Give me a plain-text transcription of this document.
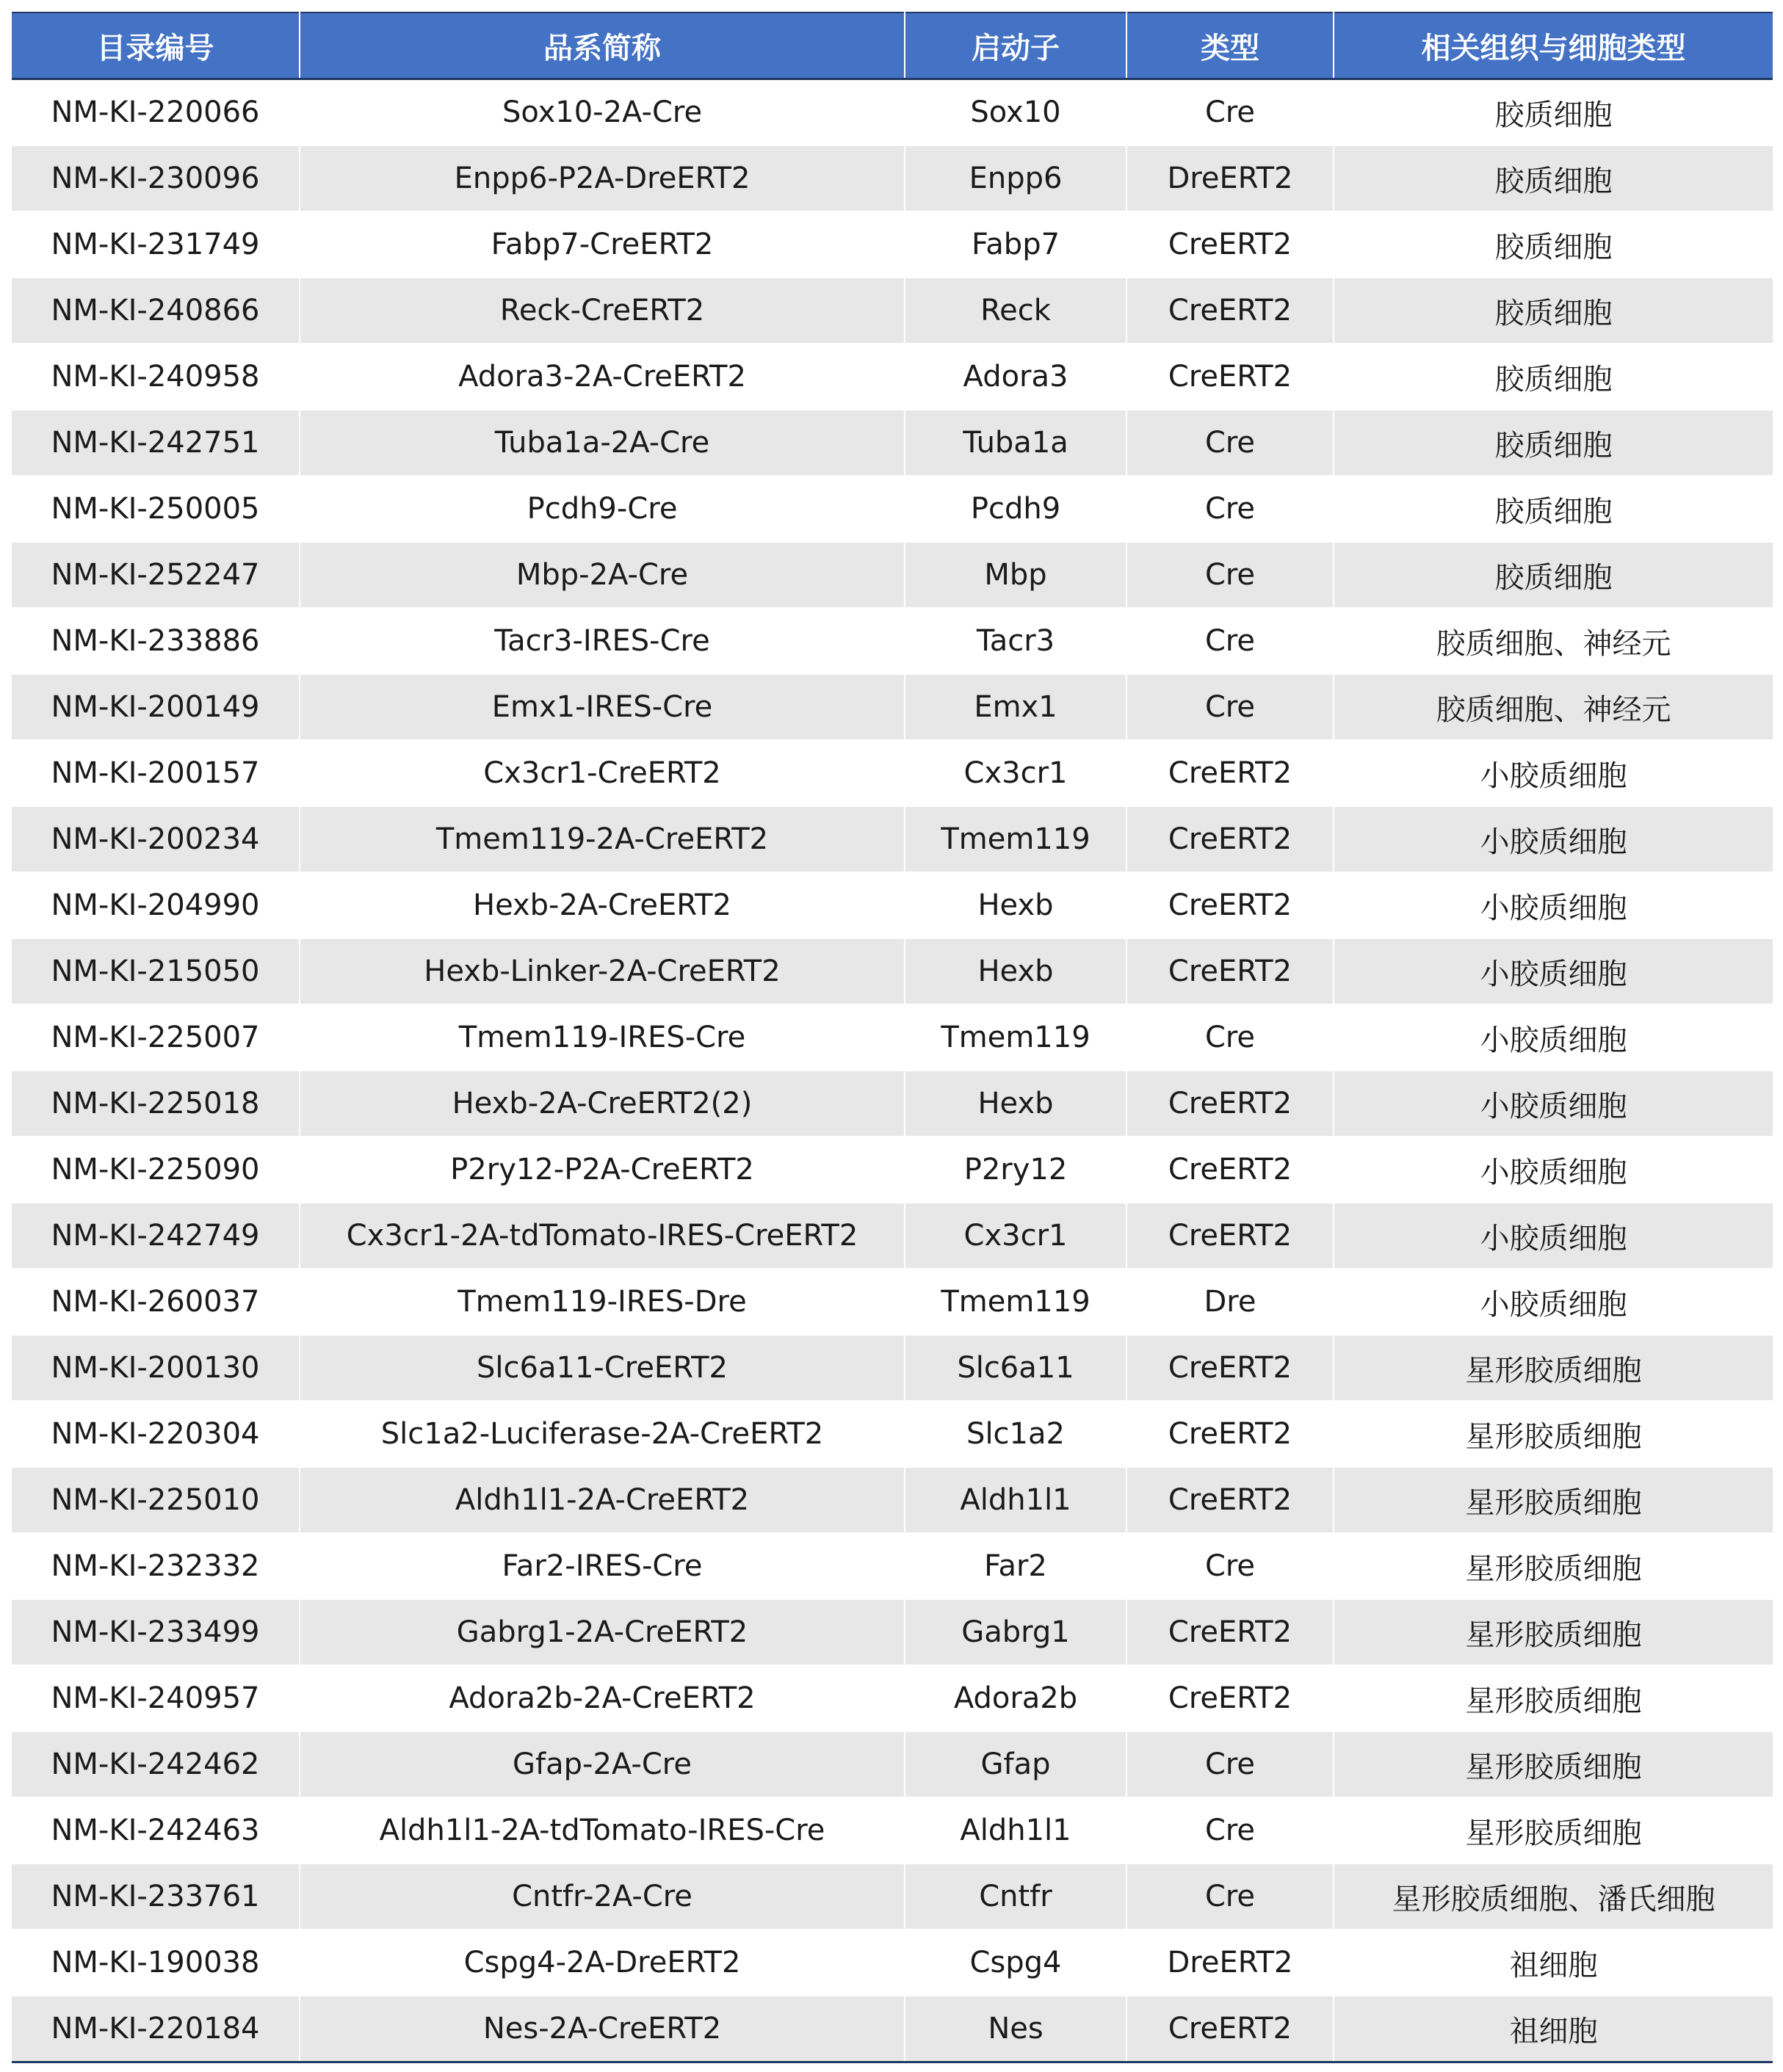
目录编号	品系简称	启动子	类型	相关组织与细胞类型
NM-KI-220066	Sox10-2A-Cre	Sox10	Cre	胶质细胞
NM-KI-230096	Enpp6-P2A-DreERT2	Enpp6	DreERT2	胶质细胞
NM-KI-231749	Fabp7-CreERT2	Fabp7	CreERT2	胶质细胞
NM-KI-240866	Reck-CreERT2	Reck	CreERT2	胶质细胞
NM-KI-240958	Adora3-2A-CreERT2	Adora3	CreERT2	胶质细胞
NM-KI-242751	Tuba1a-2A-Cre	Tuba1a	Cre	胶质细胞
NM-KI-250005	Pcdh9-Cre	Pcdh9	Cre	胶质细胞
NM-KI-252247	Mbp-2A-Cre	Mbp	Cre	胶质细胞
NM-KI-233886	Tacr3-IRES-Cre	Tacr3	Cre	胶质细胞、神经元
NM-KI-200149	Emx1-IRES-Cre	Emx1	Cre	胶质细胞、神经元
NM-KI-200157	Cx3cr1-CreERT2	Cx3cr1	CreERT2	小胶质细胞
NM-KI-200234	Tmem119-2A-CreERT2	Tmem119	CreERT2	小胶质细胞
NM-KI-204990	Hexb-2A-CreERT2	Hexb	CreERT2	小胶质细胞
NM-KI-215050	Hexb-Linker-2A-CreERT2	Hexb	CreERT2	小胶质细胞
NM-KI-225007	Tmem119-IRES-Cre	Tmem119	Cre	小胶质细胞
NM-KI-225018	Hexb-2A-CreERT2(2)	Hexb	CreERT2	小胶质细胞
NM-KI-225090	P2ry12-P2A-CreERT2	P2ry12	CreERT2	小胶质细胞
NM-KI-242749	Cx3cr1-2A-tdTomato-IRES-CreERT2	Cx3cr1	CreERT2	小胶质细胞
NM-KI-260037	Tmem119-IRES-Dre	Tmem119	Dre	小胶质细胞
NM-KI-200130	Slc6a11-CreERT2	Slc6a11	CreERT2	星形胶质细胞
NM-KI-220304	Slc1a2-Luciferase-2A-CreERT2	Slc1a2	CreERT2	星形胶质细胞
NM-KI-225010	Aldh1l1-2A-CreERT2	Aldh1l1	CreERT2	星形胶质细胞
NM-KI-232332	Far2-IRES-Cre	Far2	Cre	星形胶质细胞
NM-KI-233499	Gabrg1-2A-CreERT2	Gabrg1	CreERT2	星形胶质细胞
NM-KI-240957	Adora2b-2A-CreERT2	Adora2b	CreERT2	星形胶质细胞
NM-KI-242462	Gfap-2A-Cre	Gfap	Cre	星形胶质细胞
NM-KI-242463	Aldh1l1-2A-tdTomato-IRES-Cre	Aldh1l1	Cre	星形胶质细胞
NM-KI-233761	Cntfr-2A-Cre	Cntfr	Cre	星形胶质细胞、潘氏细胞
NM-KI-190038	Cspg4-2A-DreERT2	Cspg4	DreERT2	祖细胞
NM-KI-220184	Nes-2A-CreERT2	Nes	CreERT2	祖细胞
